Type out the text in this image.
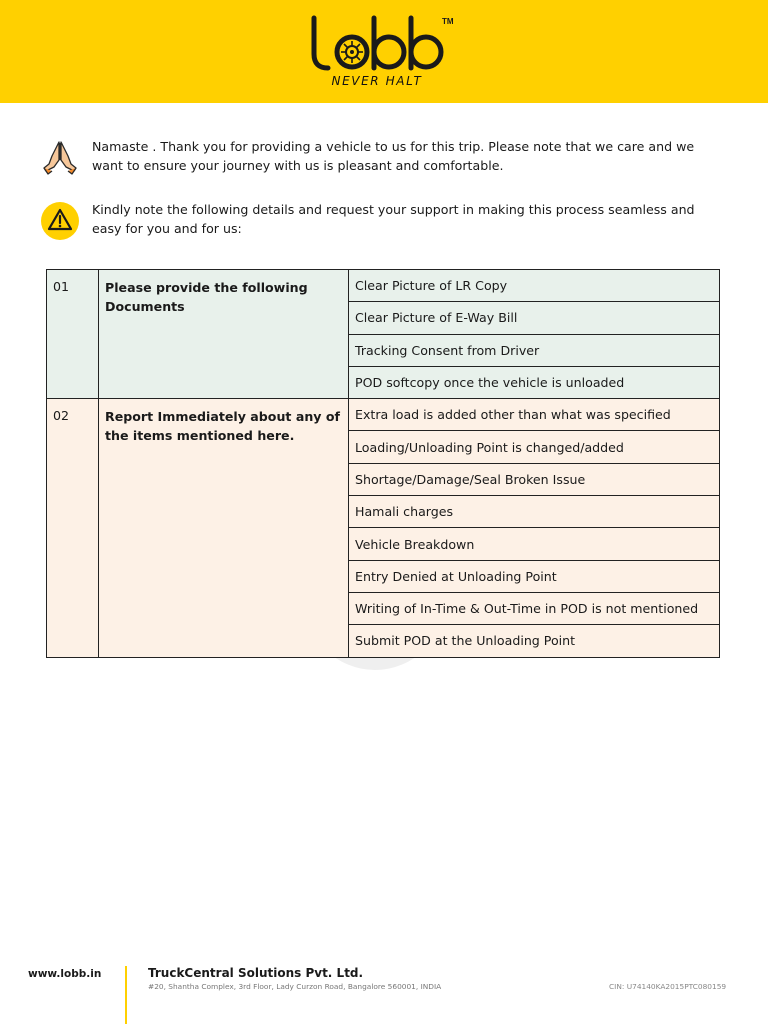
TM
NEVER HALT
Namaste . Thank you for providing a vehicle to us for this trip. Please note that we care and we want to ensure your journey with us is pleasant and comfortable.
Kindly note the following details and request your support in making this process seamless and easy for you and for us:
01	Please provide the following Documents	Clear Picture of LR Copy
		Clear Picture of E-Way Bill
		Tracking Consent from Driver
		POD softcopy once the vehicle is unloaded
02	Report Immediately about any of the items mentioned here.	Extra load is added other than what was specified
		Loading/Unloading Point is changed/added
		Shortage/Damage/Seal Broken Issue
		Hamali charges
		Vehicle Breakdown
		Entry Denied at Unloading Point
		Writing of In-Time & Out-Time in POD is not mentioned
		Submit POD at the Unloading Point
www.lobb.in	TruckCentral Solutions Pvt. Ltd.
#20, Shantha Complex, 3rd Floor, Lady Curzon Road, Bangalore 560001, INDIA	CIN: U74140KA2015PTC080159
